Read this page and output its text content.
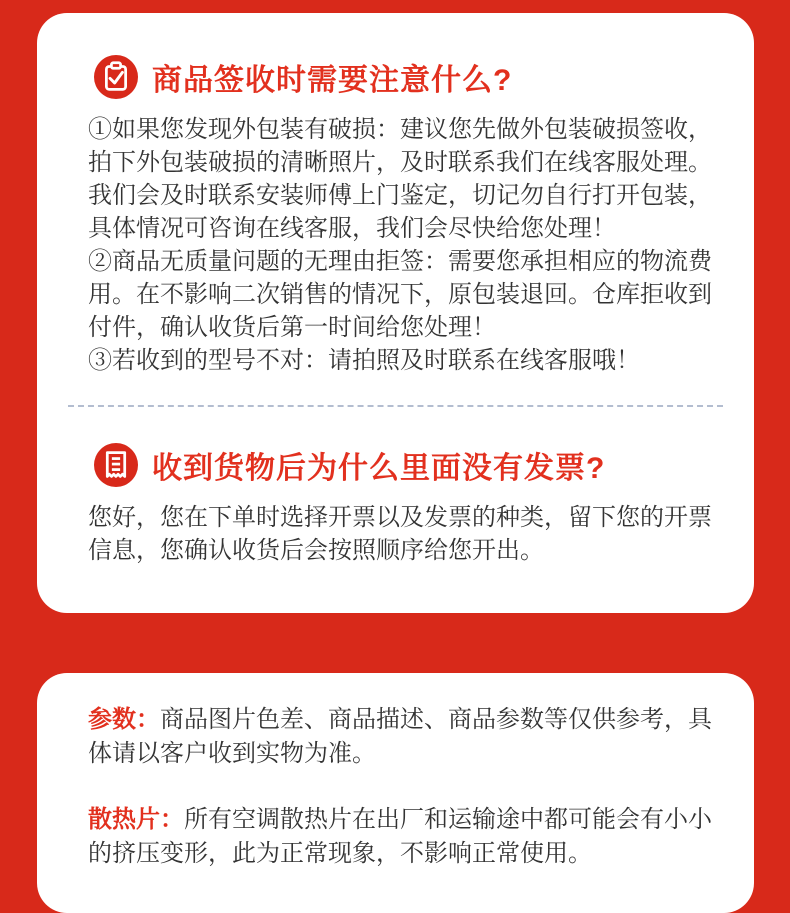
商品签收时需要注意什么?

①如果您发现外包装有破损：建议您先做外包装破损签收，拍下外包装破损的清晰照片，及时联系我们在线客服处理。我们会及时联系安装师傅上门鉴定，切记勿自行打开包装，具体情况可咨询在线客服，我们会尽快给您处理！

②商品无质量问题的无理由拒签：需要您承担相应的物流费用。在不影响二次销售的情况下，原包装退回。仓库拒收到付件，确认收货后第一时间给您处理！

③若收到的型号不对：请拍照及时联系在线客服哦！

收到货物后为什么里面没有发票?

您好，您在下单时选择开票以及发票的种类，留下您的开票信息，您确认收货后会按照顺序给您开出。

参数：商品图片色差、商品描述、商品参数等仅供参考，具体请以客户收到实物为准。

散热片：所有空调散热片在出厂和运输途中都可能会有小小的挤压变形，此为正常现象，不影响正常使用。
